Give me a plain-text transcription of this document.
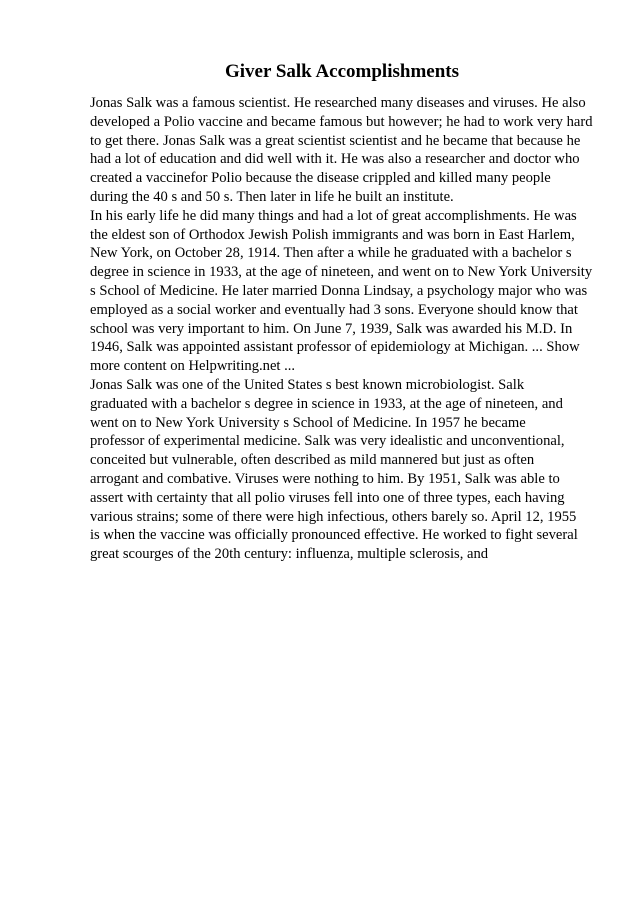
Giver Salk Accomplishments
Jonas Salk was a famous scientist. He researched many diseases and viruses. He also
developed a Polio vaccine and became famous but however; he had to work very hard
to get there. Jonas Salk was a great scientist scientist and he became that because he
had a lot of education and did well with it. He was also a researcher and doctor who
created a vaccinefor Polio because the disease crippled and killed many people
during the 40 s and 50 s. Then later in life he built an institute.
In his early life he did many things and had a lot of great accomplishments. He was
the eldest son of Orthodox Jewish Polish immigrants and was born in East Harlem,
New York, on October 28, 1914. Then after a while he graduated with a bachelor s
degree in science in 1933, at the age of nineteen, and went on to New York University
s School of Medicine. He later married Donna Lindsay, a psychology major who was
employed as a social worker and eventually had 3 sons. Everyone should know that
school was very important to him. On June 7, 1939, Salk was awarded his M.D. In
1946, Salk was appointed assistant professor of epidemiology at Michigan. ... Show
more content on Helpwriting.net ...
Jonas Salk was one of the United States s best known microbiologist. Salk
graduated with a bachelor s degree in science in 1933, at the age of nineteen, and
went on to New York University s School of Medicine. In 1957 he became
professor of experimental medicine. Salk was very idealistic and unconventional,
conceited but vulnerable, often described as mild mannered but just as often
arrogant and combative. Viruses were nothing to him. By 1951, Salk was able to
assert with certainty that all polio viruses fell into one of three types, each having
various strains; some of there were high infectious, others barely so. April 12, 1955
is when the vaccine was officially pronounced effective. He worked to fight several
great scourges of the 20th century: influenza, multiple sclerosis, and
